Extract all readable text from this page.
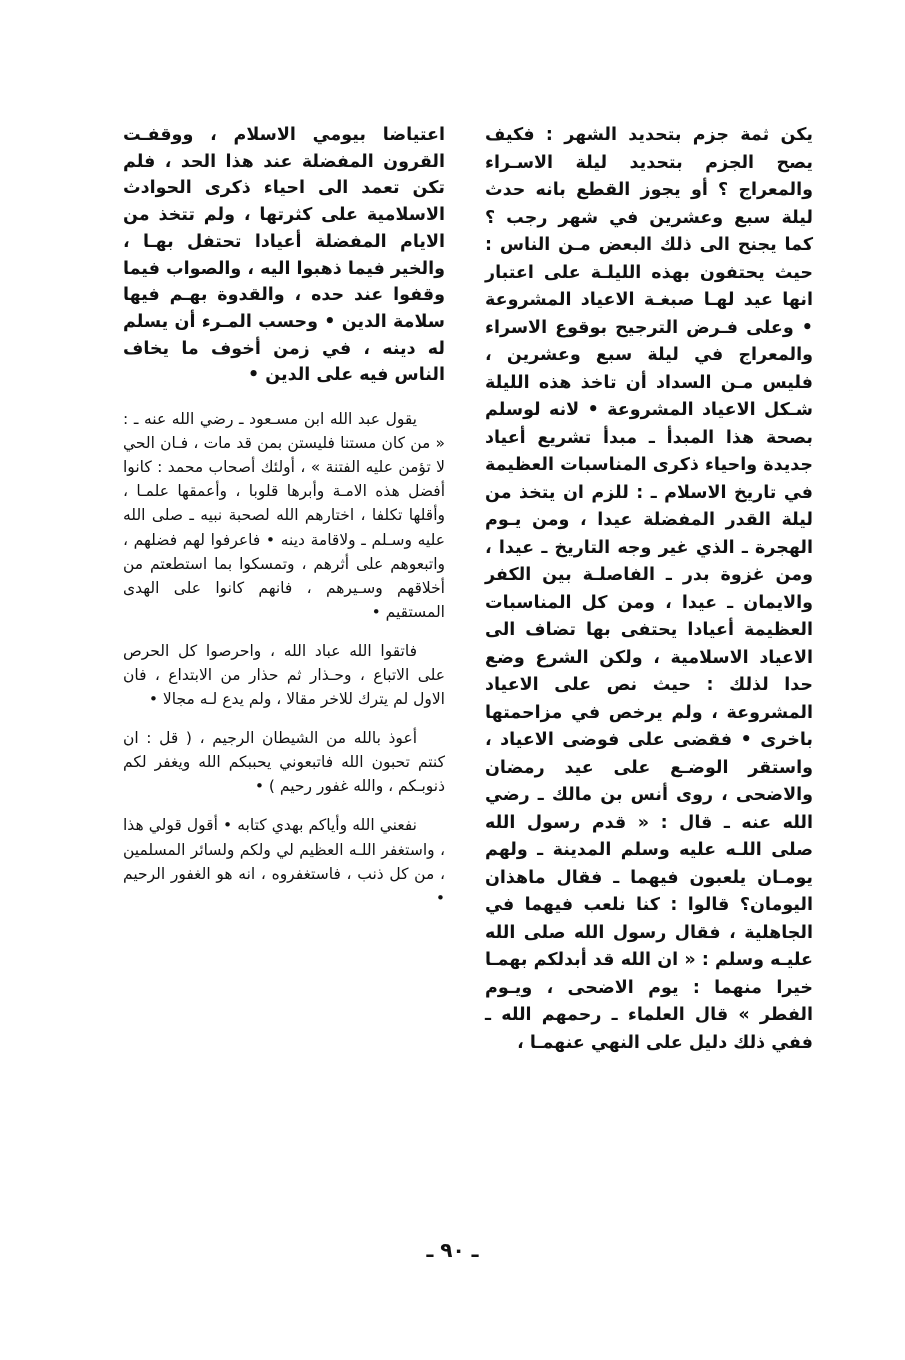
يكن ثمة جزم بتحديد الشهر : فكيف يصح الجزم بتحديد ليلة الاسـراء والمعراج ؟ أو يجوز القطع بانه حدث ليلة سبع وعشرين في شهر رجب ؟ كما يجنح الى ذلك البعض مـن الناس : حيث يحتفون بهذه الليلـة على اعتبار انها عيد لهـا صبغـة الاعياد المشروعة • وعلى فـرض الترجيح بوقوع الاسراء والمعراج في ليلة سبع وعشرين ، فليس مـن السداد أن تاخذ هذه الليلة شـكل الاعياد المشروعة • لانه لوسلم بصحة هذا المبدأ ـ مبدأ تشريع أعياد جديدة واحياء ذكرى المناسبات العظيمة في تاريخ الاسلام ـ : للزم ان يتخذ من ليلة القدر المفضلة عيدا ، ومن يـوم الهجرة ـ الذي غير وجه التاريخ ـ عيدا ، ومن غزوة بدر ـ الفاصلـة بين الكفر والايمان ـ عيدا ، ومن كل المناسبات العظيمة أعيادا يحتفى بها تضاف الى الاعياد الاسلامية ، ولكن الشرع وضع حدا لذلك : حيث نص على الاعياد المشروعة ، ولم يرخص في مزاحمتها باخرى • فقضى على فوضى الاعياد ، واستقر الوضـع على عيد رمضان والاضحى ، روى أنس بن مالك ـ رضي الله عنه ـ قال : « قدم رسول الله صلى اللـه عليه وسلم المدينة ـ ولهم يومـان يلعبون فيهما ـ فقال ماهذان اليومان؟ قالوا : كنا نلعب فيهما في الجاهلية ، فقال رسول الله صلى الله عليـه وسلم : « ان الله قد أبدلكم بهمـا خيرا منهما : يوم الاضحى ، ويـوم الفطر » قال العلماء ـ رحمهم الله ـ ففي ذلك دليل على النهي عنهمـا ،

اعتياضا بيومي الاسلام ، ووقفـت القرون المفضلة عند هذا الحد ، فلم تكن تعمد الى احياء ذكرى الحوادث الاسلامية على كثرتها ، ولم تتخذ من الايام المفضلة أعيادا تحتفل بهـا ، والخير فيما ذهبوا اليه ، والصواب فيما وقفوا عند حده ، والقدوة بهـم فيها سلامة الدين • وحسب المـرء أن يسلم له دينه ، في زمن أخوف ما يخاف الناس فيه على الدين •

يقول عبد الله ابن مسـعود ـ رضي الله عنه ـ : « من كان مستنا فليستن بمن قد مات ، فـان الحي لا تؤمن عليه الفتنة » ، أولئك أصحاب محمد : كانوا أفضل هذه الامـة وأبرها قلوبا ، وأعمقها علمـا ، وأقلها تكلفا ، اختارهم الله لصحبة نبيه ـ صلى الله عليه وسـلم ـ ولاقامة دينه • فاعرفوا لهم فضلهم ، واتبعوهم على أثرهم ، وتمسكوا بما استطعتم من أخلاقهم وسـيرهم ، فانهم كانوا على الهدى المستقيم •

فاتقوا الله عباد الله ، واحرصوا كل الحرص على الاتباع ، وحـذار ثم حذار من الابتداع ، فان الاول لم يترك للاخر مقالا ، ولم يدع لـه مجالا •

أعوذ بالله من الشيطان الرجيم ، ( قل : ان كنتم تحبون الله فاتبعوني يحببكم الله ويغفر لكم ذنوبـكم ، والله غفور رحيم ) •

نفعني الله وأياكم بهدي كتابه • أقول قولي هذا ، واستغفر اللـه العظيم لي ولكم ولسائر المسلمين ، من كل ذنب ، فاستغفروه ، انه هو الغفور الرحيم •

ـ ٩٠ ـ
